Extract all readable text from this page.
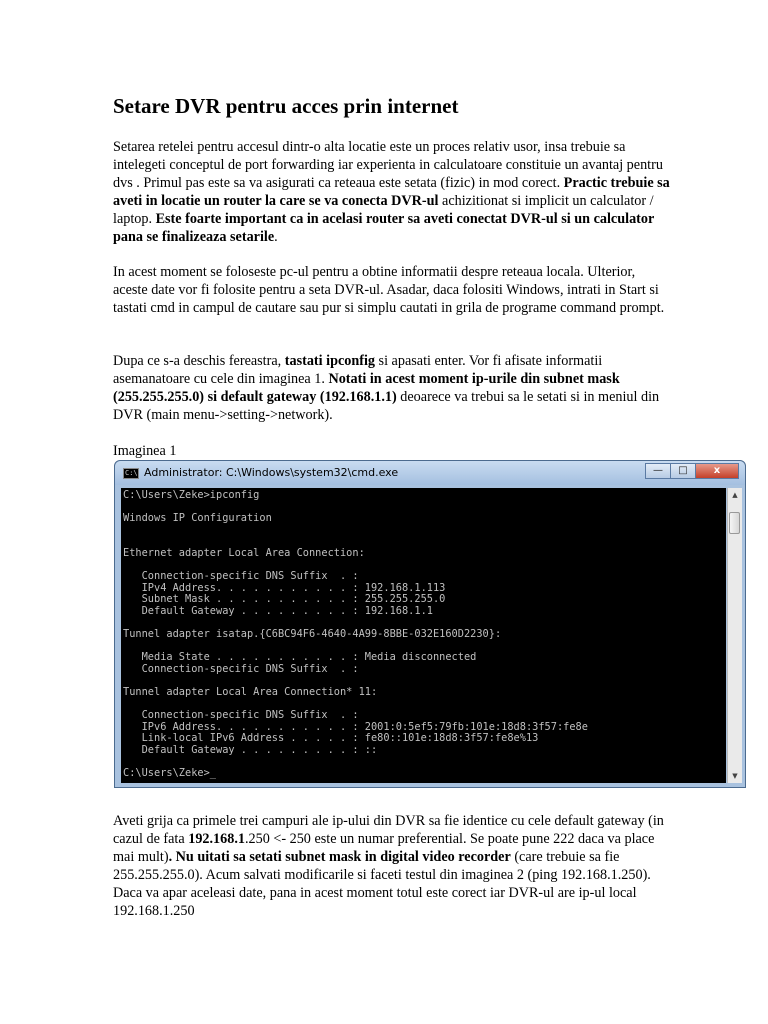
Setare DVR pentru acces prin internet

Setarea retelei pentru accesul dintr-o alta locatie este un proces relativ usor, insa trebuie sa intelegeti conceptul de port forwarding iar experienta in calculatoare constituie un avantaj pentru dvs . Primul pas este sa va asigurati ca reteaua este setata (fizic) in mod corect. Practic trebuie sa aveti in locatie un router la care se va conecta DVR-ul achizitionat si implicit un calculator / laptop. Este foarte important ca in acelasi router sa aveti conectat DVR-ul si un calculator pana se finalizeaza setarile.

In acest moment se foloseste pc-ul pentru a obtine informatii despre reteaua locala. Ulterior, aceste date vor fi folosite pentru a seta DVR-ul. Asadar, daca folositi Windows, intrati in Start si tastati cmd in campul de cautare sau pur si simplu cautati in grila de programe command prompt.

Dupa ce s-a deschis fereastra, tastati ipconfig si apasati enter. Vor fi afisate informatii asemanatoare cu cele din imaginea 1. Notati in acest moment ip-urile din subnet mask (255.255.255.0) si default gateway (192.168.1.1) deoarece va trebui sa le setati si in meniul din DVR (main menu->setting->network).

Imaginea 1
C:\ Administrator: C:\Windows\system32\cmd.exe	—	□	x
C:\Users\Zeke>ipconfig

Windows IP Configuration

Ethernet adapter Local Area Connection:

Connection-specific DNS Suffix  . :
IPv4 Address. . . . . . . . . . . : 192.168.1.113
Subnet Mask . . . . . . . . . . . : 255.255.255.0
Default Gateway . . . . . . . . . : 192.168.1.1

Tunnel adapter isatap.{C6BC94F6-4640-4A99-8BBE-032E160D2230}:

Media State . . . . . . . . . . . : Media disconnected
Connection-specific DNS Suffix  . :

Tunnel adapter Local Area Connection* 11:

Connection-specific DNS Suffix  . :
IPv6 Address. . . . . . . . . . . : 2001:0:5ef5:79fb:101e:18d8:3f57:fe8e
Link-local IPv6 Address . . . . . : fe80::101e:18d8:3f57:fe8e%13
Default Gateway . . . . . . . . . : ::

C:\Users\Zeke>_
▲
▼

Aveti grija ca primele trei campuri ale ip-ului din DVR sa fie identice cu cele default gateway (in cazul de fata 192.168.1.250 <- 250 este un numar preferential. Se poate pune 222 daca va place mai mult). Nu uitati sa setati subnet mask in digital video recorder (care trebuie sa fie 255.255.255.0). Acum salvati modificarile si faceti testul din imaginea 2 (ping 192.168.1.250). Daca va apar aceleasi date, pana in acest moment totul este corect iar DVR-ul are ip-ul local 192.168.1.250
